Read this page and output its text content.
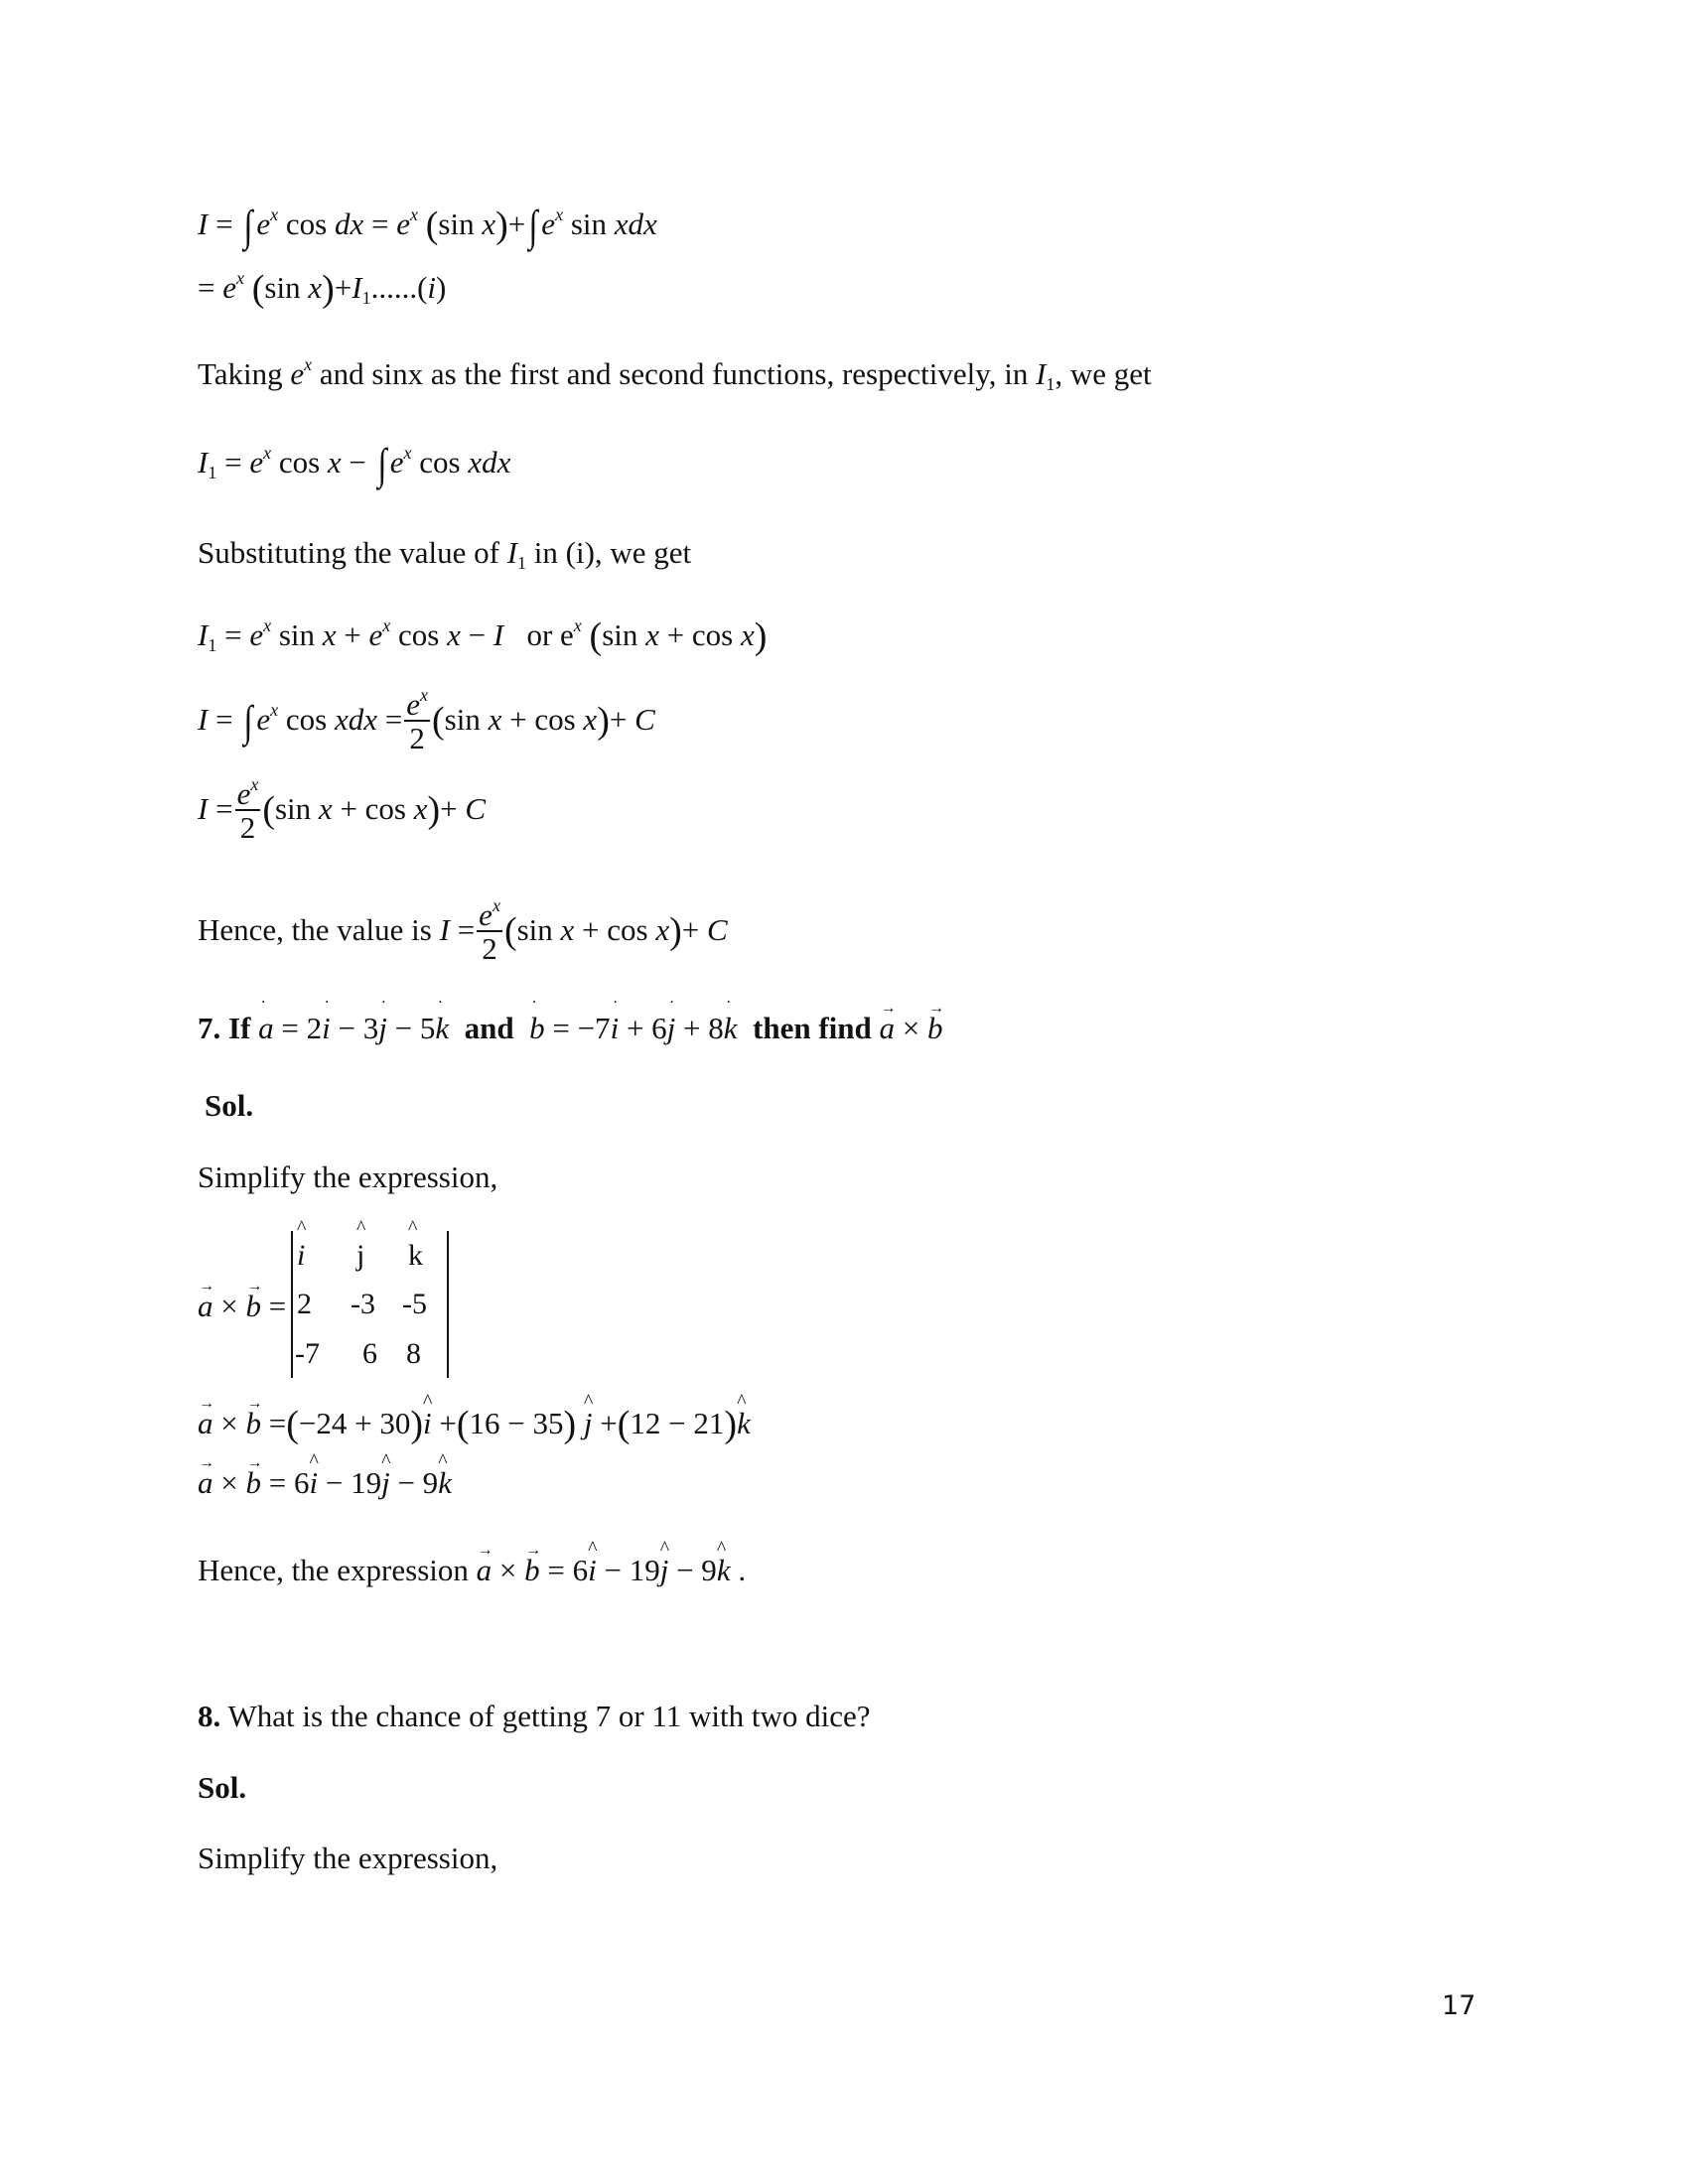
I = ∫ $e^x$ cos dx = $e^x$ (sin x)+∫ $e^x$ sin xdx
= $e^x$ (sin $x)+I_1......(i)$
Taking $e^x$ and sinx as the first and second functions, respectively, in $I_1$, we get
$I_1 = e^x$ cos x − ∫ $e^x$ cos xdx
Substituting the value of $I_1$ in (i), we get
$I_1 = e^x$ $\sin x + e^x$ cos x − I or $e^x$ (sin x + cos x)
I = ∫ $e^x$ cos xdx = $\frac{e^x}{2} (\sin$ x + cos x)+ C
$I = \frac{e^x}{2} (\sin$ x + cos x)+ C
Hence, the value is $I = \frac{e^x}{2} (\sin$ x + cos x)+ C
7. If ˙ a = 2˙ i − 3˙ j − 5˙ k and ˙ b = −7˙ i + 6˙ j + 8˙ k then find → a × → b
Sol.
Simplify the expression,
→ a × → b =
^ i ^ j ^ k
2 -3 -5
-7 6 8
→ a × → b =(−24 + 30)^ i +(16 − 35) ^ j +(12 − 21)^ k
→ a × → b = 6^ i − 19^ j − 9^ k
Hence, the expression → a × → b = 6^ i − 19^ j − 9^ k .
8. What is the chance of getting 7 or 11 with two dice?
Sol.
Simplify the expression,
17
